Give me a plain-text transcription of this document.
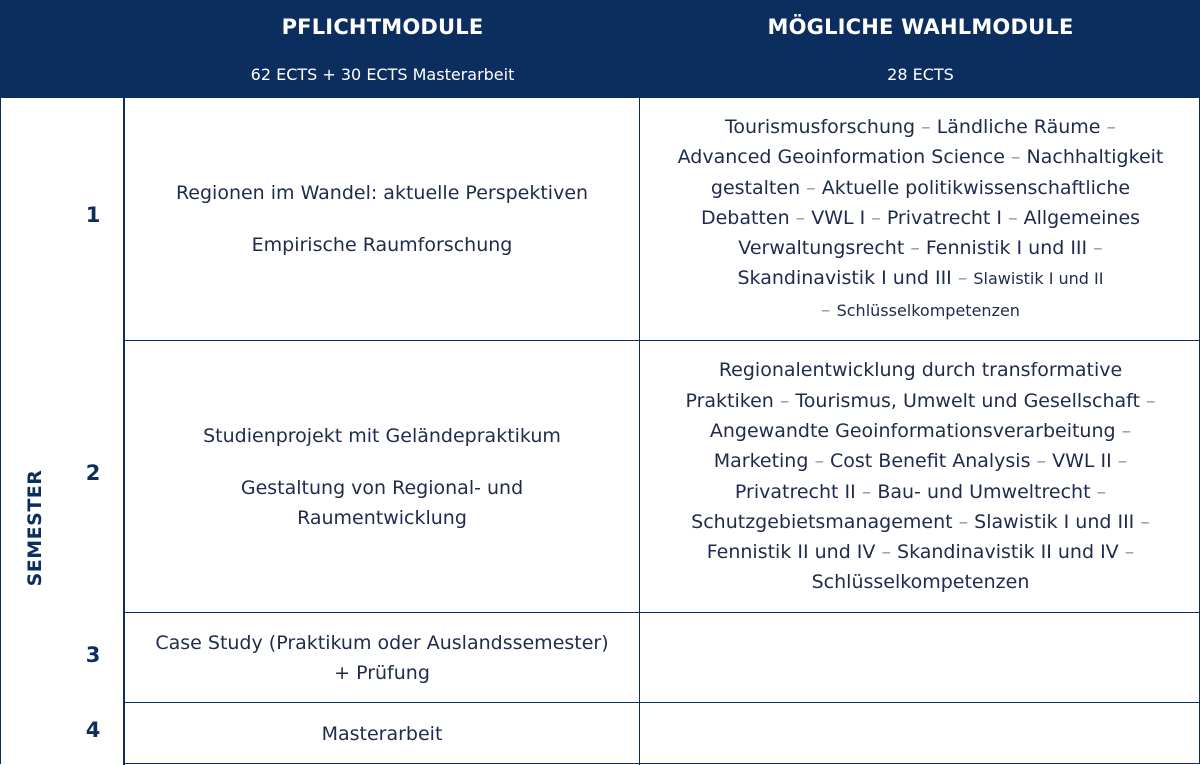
PFLICHTMODULE
62 ECTS + 30 ECTS Masterarbeit
MÖGLICHE WAHLMODULE
28 ECTS
SEMESTER
1
2
3
4

Regionen im Wandel: aktuelle Perspektiven

Empirische Raumforschung

Tourismusforschung – Ländliche Räume –
Advanced Geoinformation Science – Nachhaltigkeit
gestalten – Aktuelle politikwissenschaftliche
Debatten – VWL I – Privatrecht I – Allgemeines
Verwaltungsrecht – Fennistik I und III –
Skandinavistik I und III – Slawistik I und II
– Schlüsselkompetenzen

Studienprojekt mit Geländepraktikum

Gestaltung von Regional- und

Raumentwicklung

Regionalentwicklung durch transformative
Praktiken – Tourismus, Umwelt und Gesellschaft –
Angewandte Geoinformationsverarbeitung –
Marketing – Cost Benefit Analysis – VWL II –
Privatrecht II – Bau- und Umweltrecht –
Schutzgebietsmanagement – Slawistik I und III –
Fennistik II und IV – Skandinavistik II und IV –
Schlüsselkompetenzen

Case Study (Praktikum oder Auslandssemester)

+ Prüfung

Masterarbeit
